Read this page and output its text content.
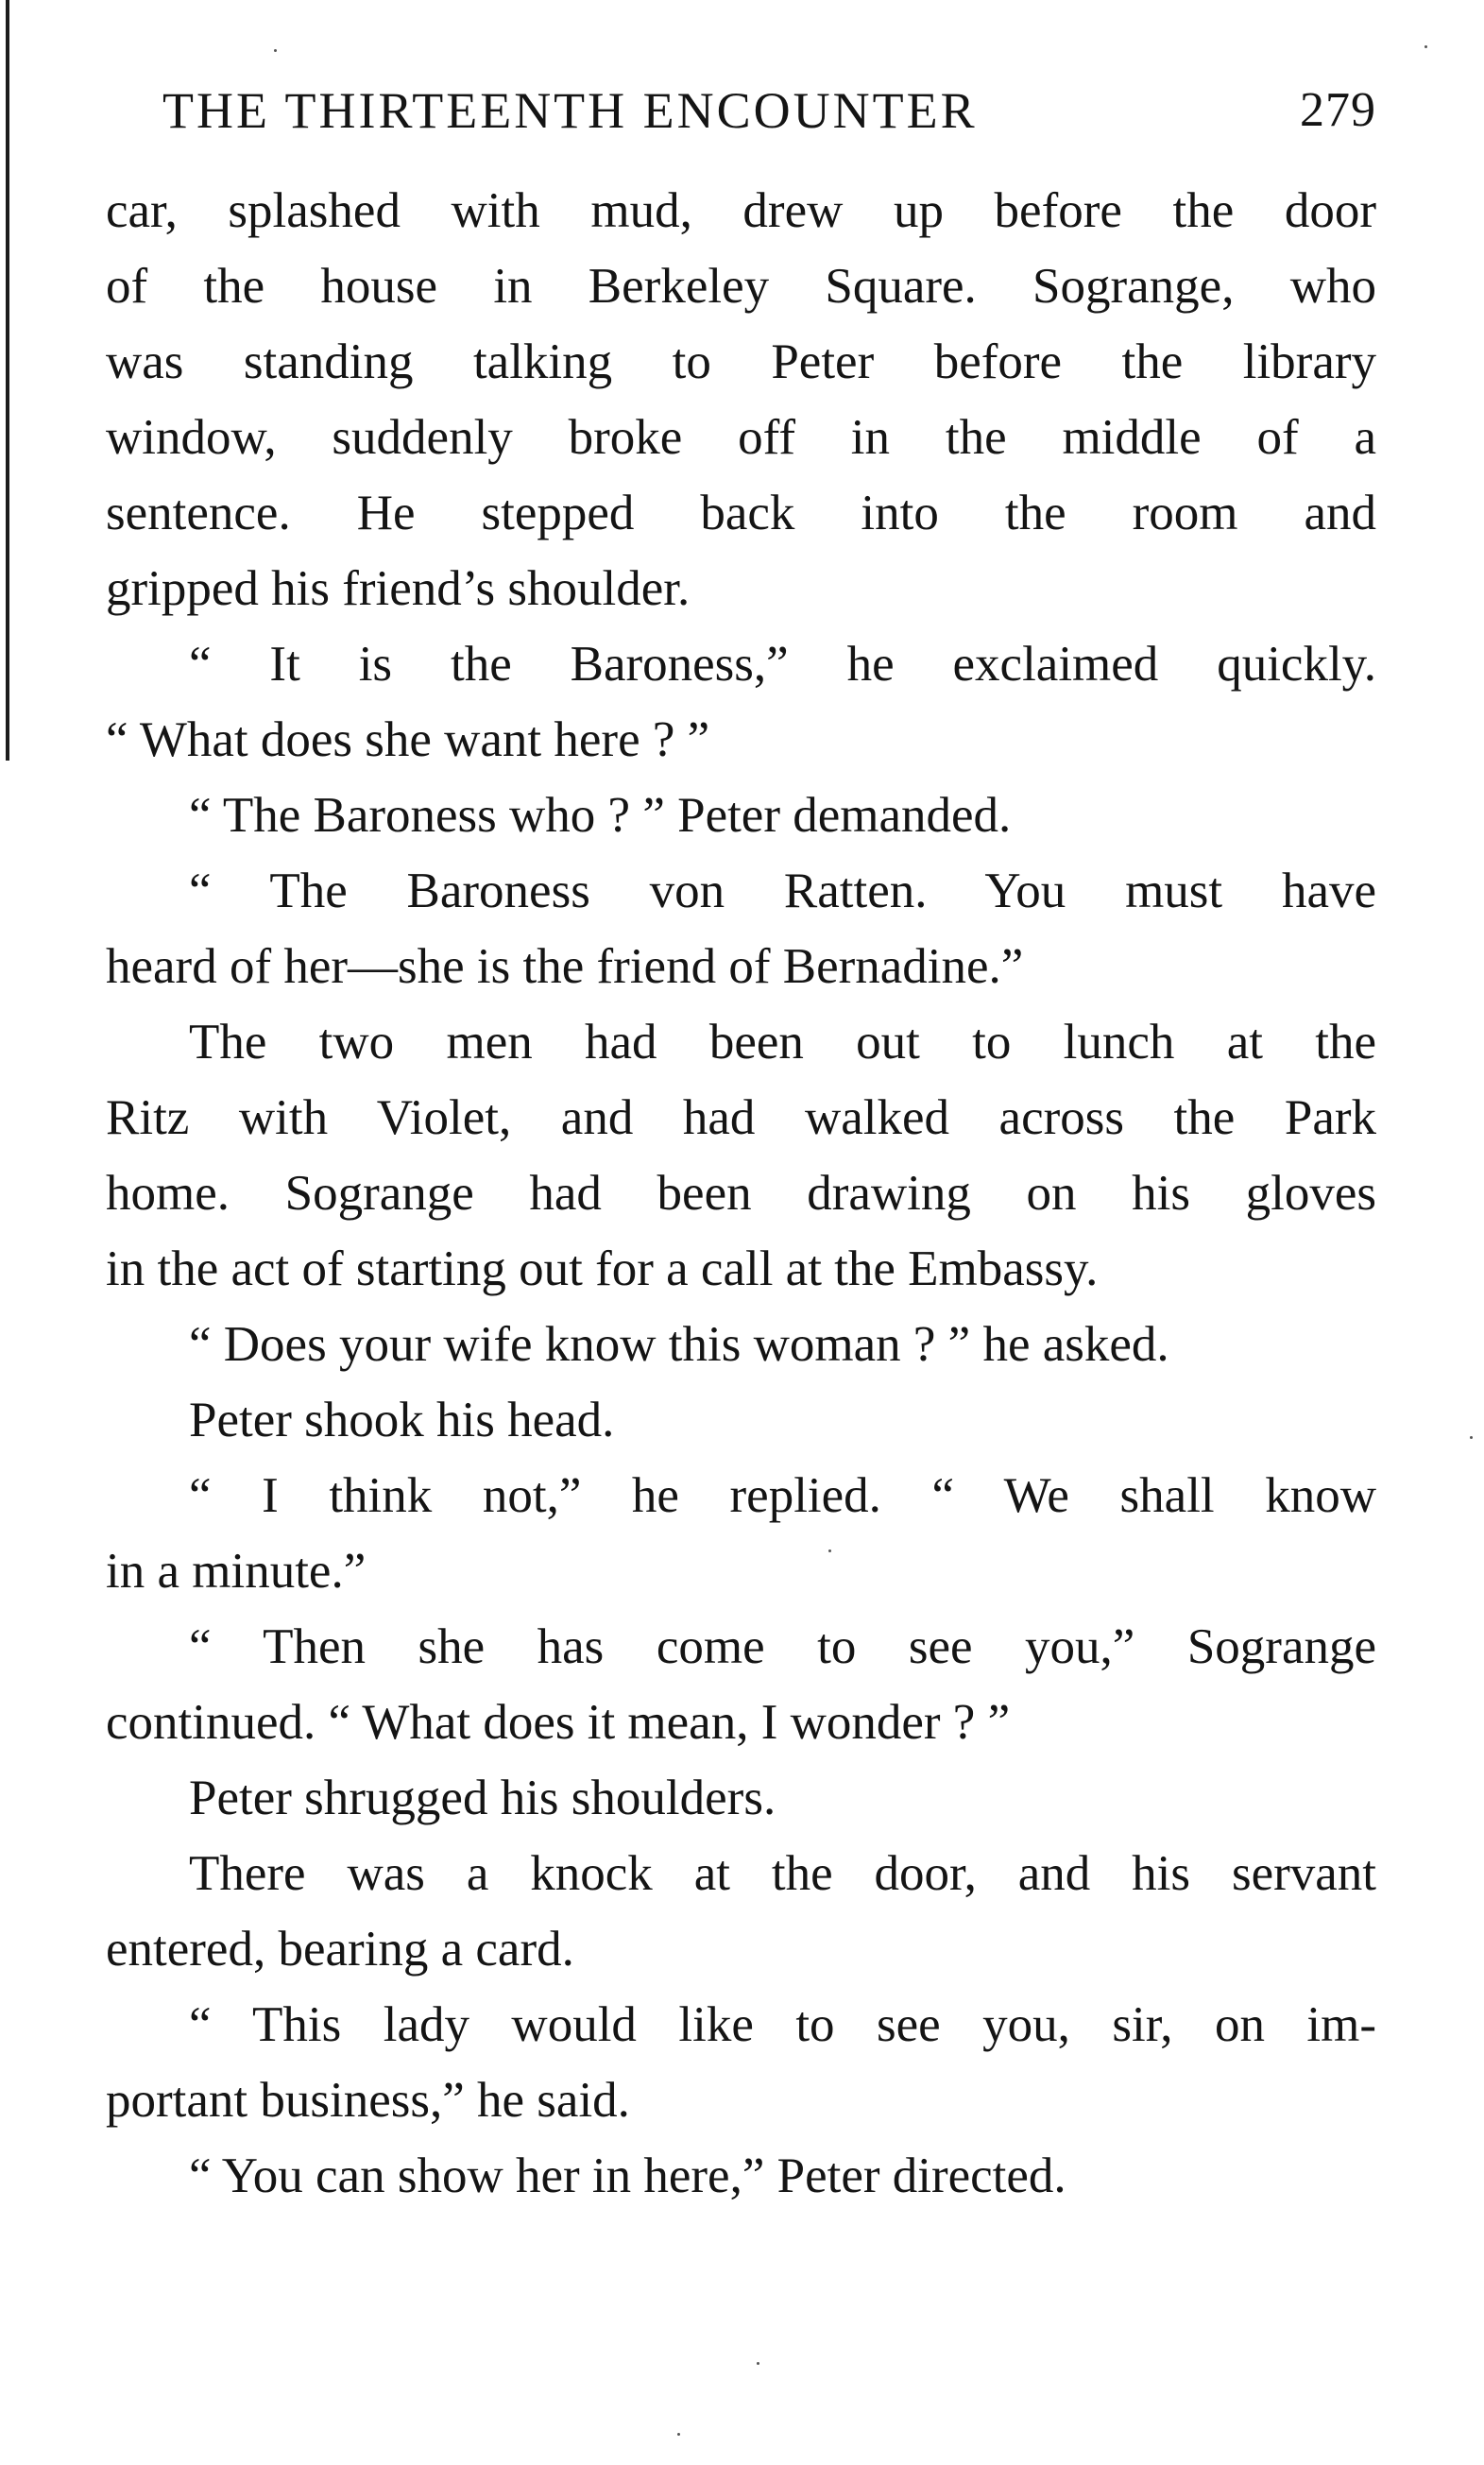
THE THIRTEENTH ENCOUNTER	279
car, splashed with mud, drew up before the door
of the house in Berkeley Square. Sogrange, who
was standing talking to Peter before the library
window, suddenly broke off in the middle of a
sentence. He stepped back into the room and
gripped his friend’s shoulder.
“ It is the Baroness,” he exclaimed quickly.
“ What does she want here ? ”
“ The Baroness who ? ” Peter demanded.
“ The Baroness von Ratten. You must have
heard of her—she is the friend of Bernadine.”
The two men had been out to lunch at the
Ritz with Violet, and had walked across the Park
home. Sogrange had been drawing on his gloves
in the act of starting out for a call at the Embassy.
“ Does your wife know this woman ? ” he asked.
Peter shook his head.
“ I think not,” he replied. “ We shall know
in a minute.”
“ Then she has come to see you,” Sogrange
continued. “ What does it mean, I wonder ? ”
Peter shrugged his shoulders.
There was a knock at the door, and his servant
entered, bearing a card.
“ This lady would like to see you, sir, on im-
portant business,” he said.
“ You can show her in here,” Peter directed.
